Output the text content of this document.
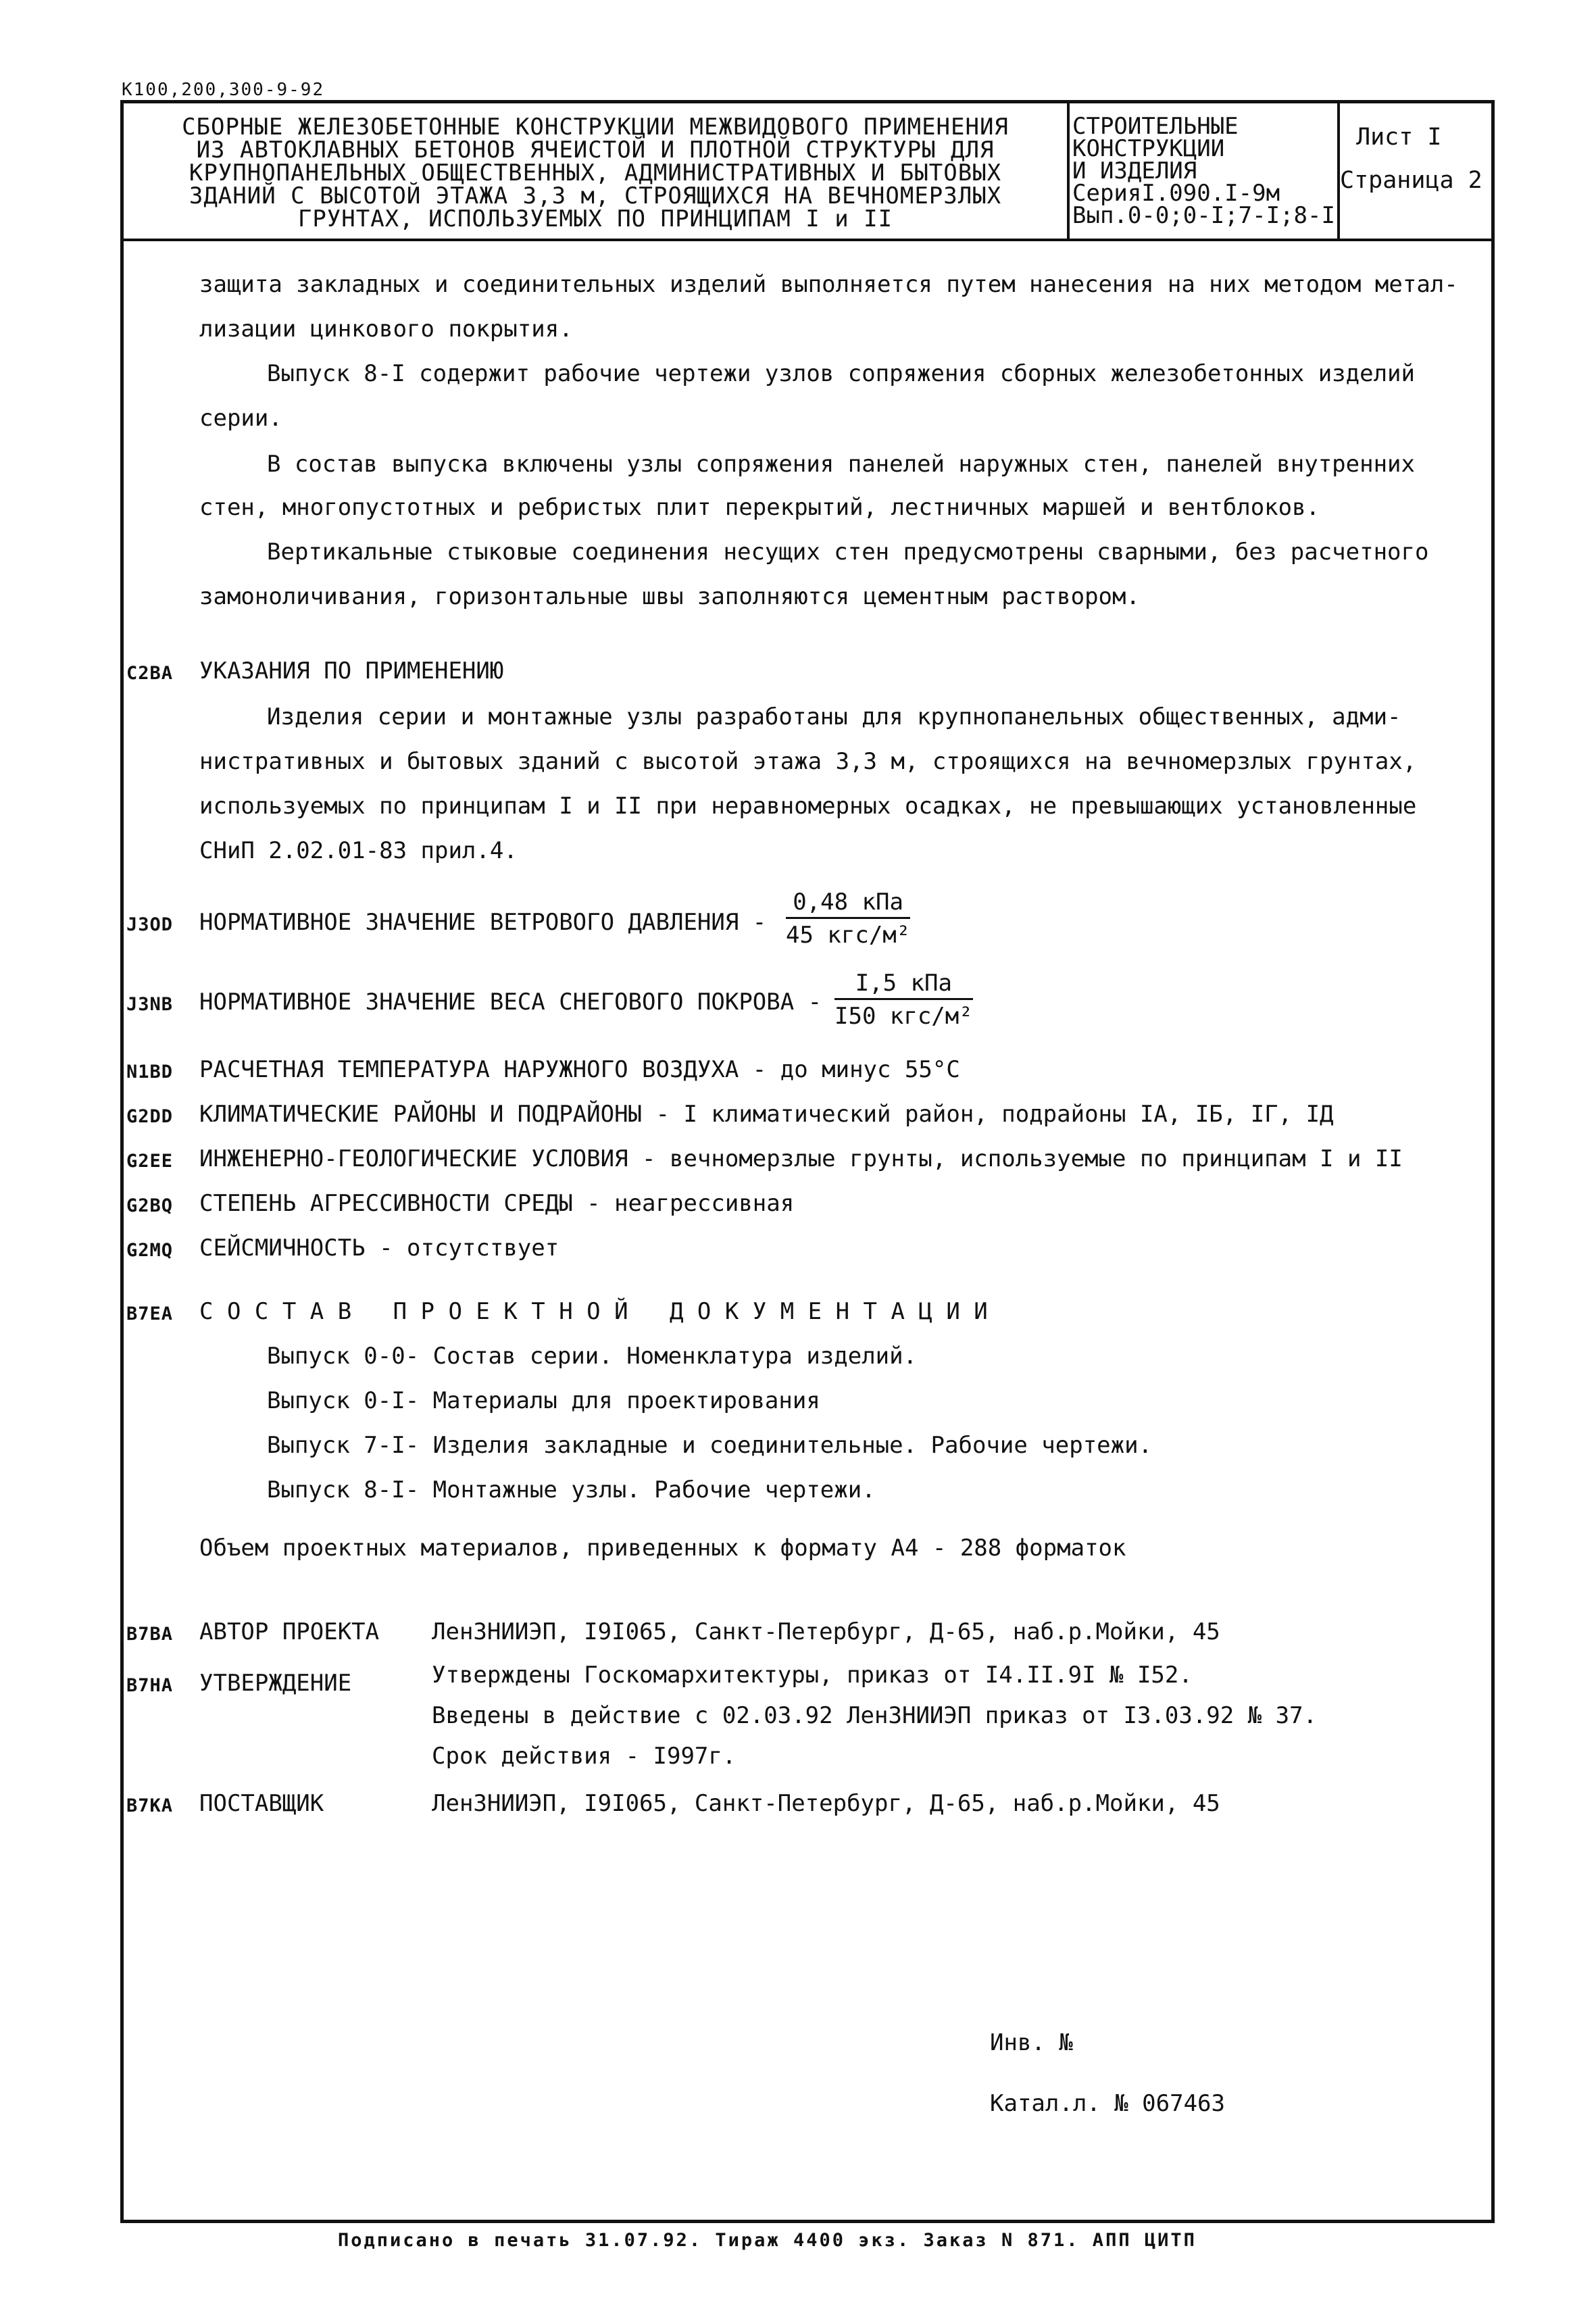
К100,200,300-9-92
СБОРНЫЕ ЖЕЛЕЗОБЕТОННЫЕ КОНСТРУКЦИИ МЕЖВИДОВОГО ПРИМЕНЕНИЯ
ИЗ АВТОКЛАВНЫХ БЕТОНОВ ЯЧЕИСТОЙ И ПЛОТНОЙ СТРУКТУРЫ ДЛЯ
КРУПНОПАНЕЛЬНЫХ ОБЩЕСТВЕННЫХ, АДМИНИСТРАТИВНЫХ И БЫТОВЫХ
ЗДАНИЙ С ВЫСОТОЙ ЭТАЖА 3,3 м, СТРОЯЩИХСЯ НА ВЕЧНОМЕРЗЛЫХ
ГРУНТАХ, ИСПОЛЬЗУЕМЫХ ПО ПРИНЦИПАМ I и II
СТРОИТЕЛЬНЫЕ
КОНСТРУКЦИИ
И ИЗДЕЛИЯ
СерияI.090.I-9м
Вып.0-0;0-I;7-I;8-I
Лист I
Страница 2
защита закладных и соединительных изделий выполняется путем нанесения на них методом метал-
лизации цинкового покрытия.
Выпуск 8-I содержит рабочие чертежи узлов сопряжения сборных железобетонных изделий
серии.
В состав выпуска включены узлы сопряжения панелей наружных стен, панелей внутренних
стен, многопустотных и ребристых плит перекрытий, лестничных маршей и вентблоков.
Вертикальные стыковые соединения несущих стен предусмотрены сварными, без расчетного
замоноличивания, горизонтальные швы заполняются цементным раствором.
C2BA УКАЗАНИЯ ПО ПРИМЕНЕНИЮ
Изделия серии и монтажные узлы разработаны для крупнопанельных общественных, адми-
нистративных и бытовых зданий с высотой этажа 3,3 м, строящихся на вечномерзлых грунтах,
используемых по принципам I и II при неравномерных осадках, не превышающих установленные
СНиП 2.02.01-83 прил.4.
J3OD НОРМАТИВНОЕ ЗНАЧЕНИЕ ВЕТРОВОГО ДАВЛЕНИЯ -
0,48 кПа
45 кгс/м²
J3NB НОРМАТИВНОЕ ЗНАЧЕНИЕ ВЕСА СНЕГОВОГО ПОКРОВА -
I,5 кПа
I50 кгс/м²
N1BD РАСЧЕТНАЯ ТЕМПЕРАТУРА НАРУЖНОГО ВОЗДУХА - до минус 55°С
G2DD КЛИМАТИЧЕСКИЕ РАЙОНЫ И ПОДРАЙОНЫ - I климатический район, подрайоны IА, IБ, IГ, IД
G2EE ИНЖЕНЕРНО-ГЕОЛОГИЧЕСКИЕ УСЛОВИЯ - вечномерзлые грунты, используемые по принципам I и II
G2BQ СТЕПЕНЬ АГРЕССИВНОСТИ СРЕДЫ - неагрессивная
G2MQ СЕЙСМИЧНОСТЬ - отсутствует
B7EA С О С Т А В   П Р О Е К Т Н О Й   Д О К У М Е Н Т А Ц И И
Выпуск 0-0- Состав серии. Номенклатура изделий.
Выпуск 0-I- Материалы для проектирования
Выпуск 7-I- Изделия закладные и соединительные. Рабочие чертежи.
Выпуск 8-I- Монтажные узлы. Рабочие чертежи.
Объем проектных материалов, приведенных к формату А4 - 288 форматок
B7BA АВТОР ПРОЕКТА ЛенЗНИИЭП, I9I065, Санкт-Петербург, Д-65, наб.р.Мойки, 45
B7HA УТВЕРЖДЕНИЕ	Утверждены Госкомархитектуры, приказ от I4.II.9I № I52.
Введены в действие с 02.03.92 ЛенЗНИИЭП приказ от I3.03.92 № 37.
Срок действия - I997г.
B7KA ПОСТАВЩИК	ЛенЗНИИЭП, I9I065, Санкт-Петербург, Д-65, наб.р.Мойки, 45
Инв. №
Катал.л. № 067463
Подписано в печать 31.07.92. Тираж 4400 экз. Заказ N 871. АПП ЦИТП
